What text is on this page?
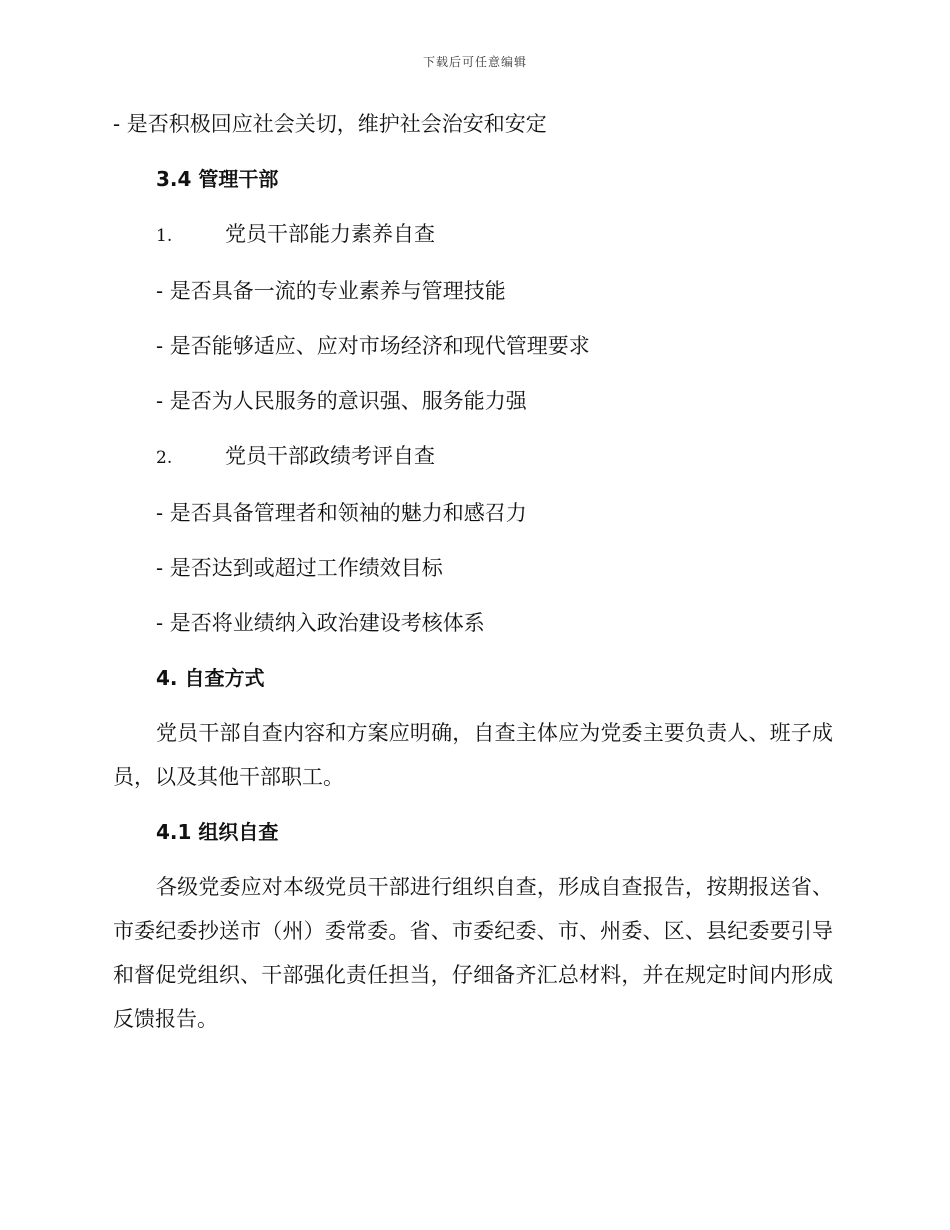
下载后可任意编辑
- 是否积极回应社会关切，维护社会治安和安定
3.4 管理干部
1.	党员干部能力素养自查
- 是否具备一流的专业素养与管理技能
- 是否能够适应、应对市场经济和现代管理要求
- 是否为人民服务的意识强、服务能力强
2.	党员干部政绩考评自查
- 是否具备管理者和领袖的魅力和感召力
- 是否达到或超过工作绩效目标
- 是否将业绩纳入政治建设考核体系
4. 自查方式
党员干部自查内容和方案应明确，自查主体应为党委主要负责人、班子成员，以及其他干部职工。
4.1 组织自查
各级党委应对本级党员干部进行组织自查，形成自查报告，按期报送省、市委纪委抄送市（州）委常委。省、市委纪委、市、州委、区、县纪委要引导和督促党组织、干部强化责任担当，仔细备齐汇总材料，并在规定时间内形成反馈报告。
